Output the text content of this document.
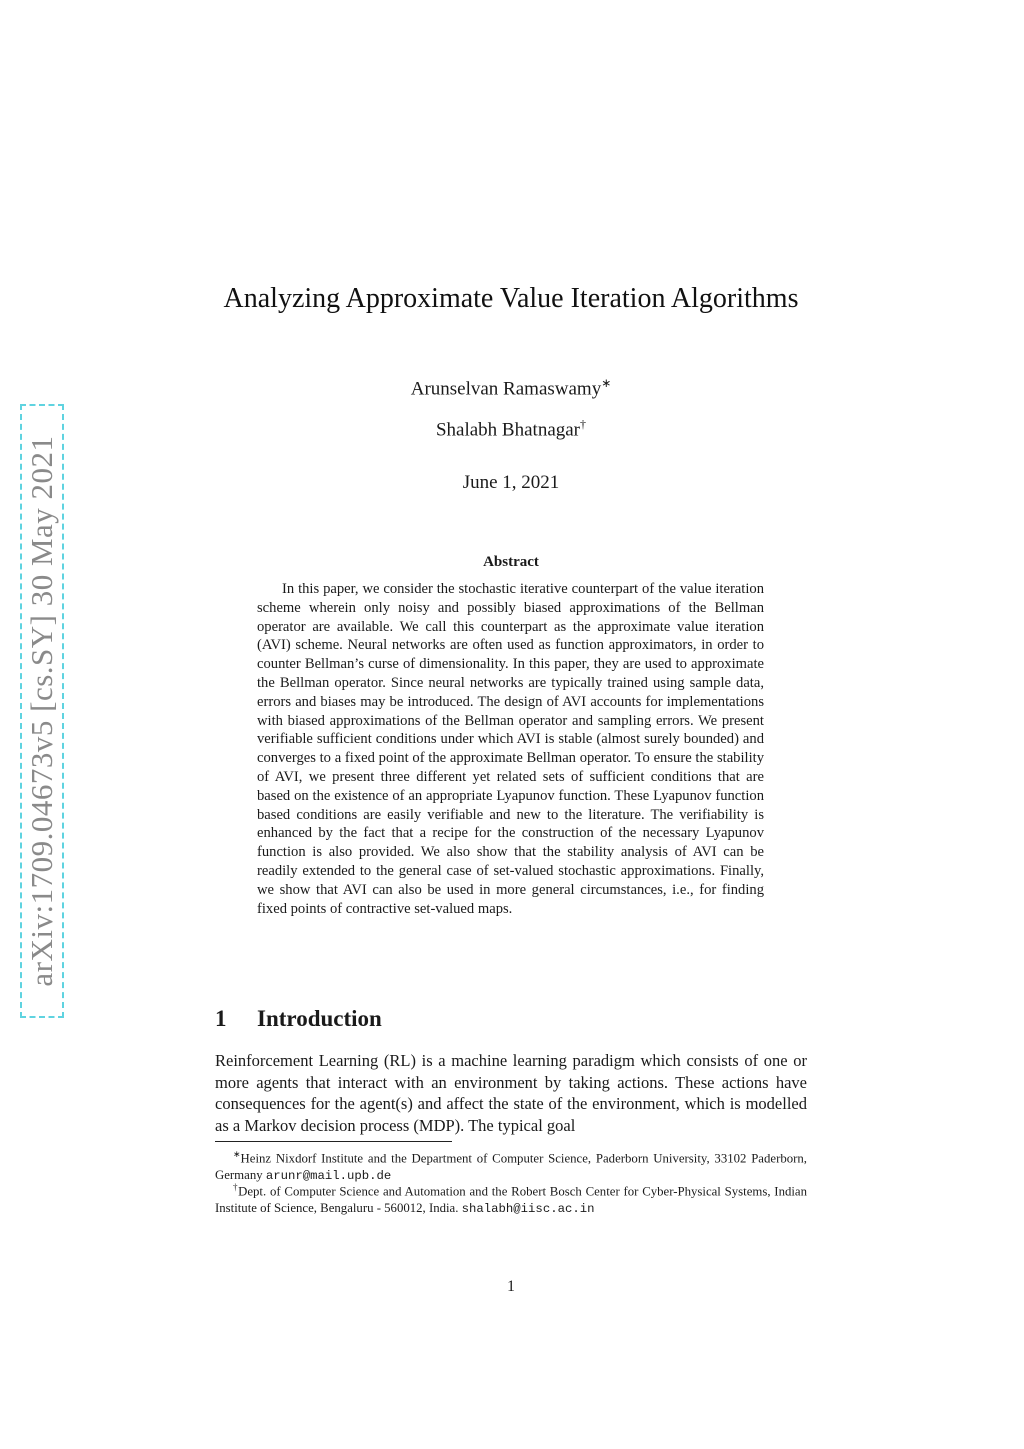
arXiv:1709.04673v5 [cs.SY] 30 May 2021
Analyzing Approximate Value Iteration Algorithms
Arunselvan Ramaswamy∗
Shalabh Bhatnagar†
June 1, 2021
Abstract

In this paper, we consider the stochastic iterative counterpart of the value iteration scheme wherein only noisy and possibly biased approximations of the Bellman operator are available. We call this counterpart as the approximate value iteration (AVI) scheme. Neural networks are often used as function approximators, in order to counter Bellman’s curse of dimensionality. In this paper, they are used to approximate the Bellman operator. Since neural networks are typically trained using sample data, errors and biases may be introduced. The design of AVI accounts for implementations with biased approximations of the Bellman operator and sampling errors. We present verifiable sufficient conditions under which AVI is stable (almost surely bounded) and converges to a fixed point of the approximate Bellman operator. To ensure the stability of AVI, we present three different yet related sets of sufficient conditions that are based on the existence of an appropriate Lyapunov function. These Lyapunov function based conditions are easily verifiable and new to the literature. The verifiability is enhanced by the fact that a recipe for the construction of the necessary Lyapunov function is also provided. We also show that the stability analysis of AVI can be readily extended to the general case of set-valued stochastic approximations. Finally, we show that AVI can also be used in more general circumstances, i.e., for finding fixed points of contractive set-valued maps.

1 Introduction

Reinforcement Learning (RL) is a machine learning paradigm which consists of one or more agents that interact with an environment by taking actions. These actions have consequences for the agent(s) and affect the state of the environment, which is modelled as a Markov decision process (MDP). The typical goal

∗Heinz Nixdorf Institute and the Department of Computer Science, Paderborn University, 33102 Paderborn, Germany arunr@mail.upb.de

†Dept. of Computer Science and Automation and the Robert Bosch Center for Cyber-Physical Systems, Indian Institute of Science, Bengaluru - 560012, India. shalabh@iisc.ac.in

1
